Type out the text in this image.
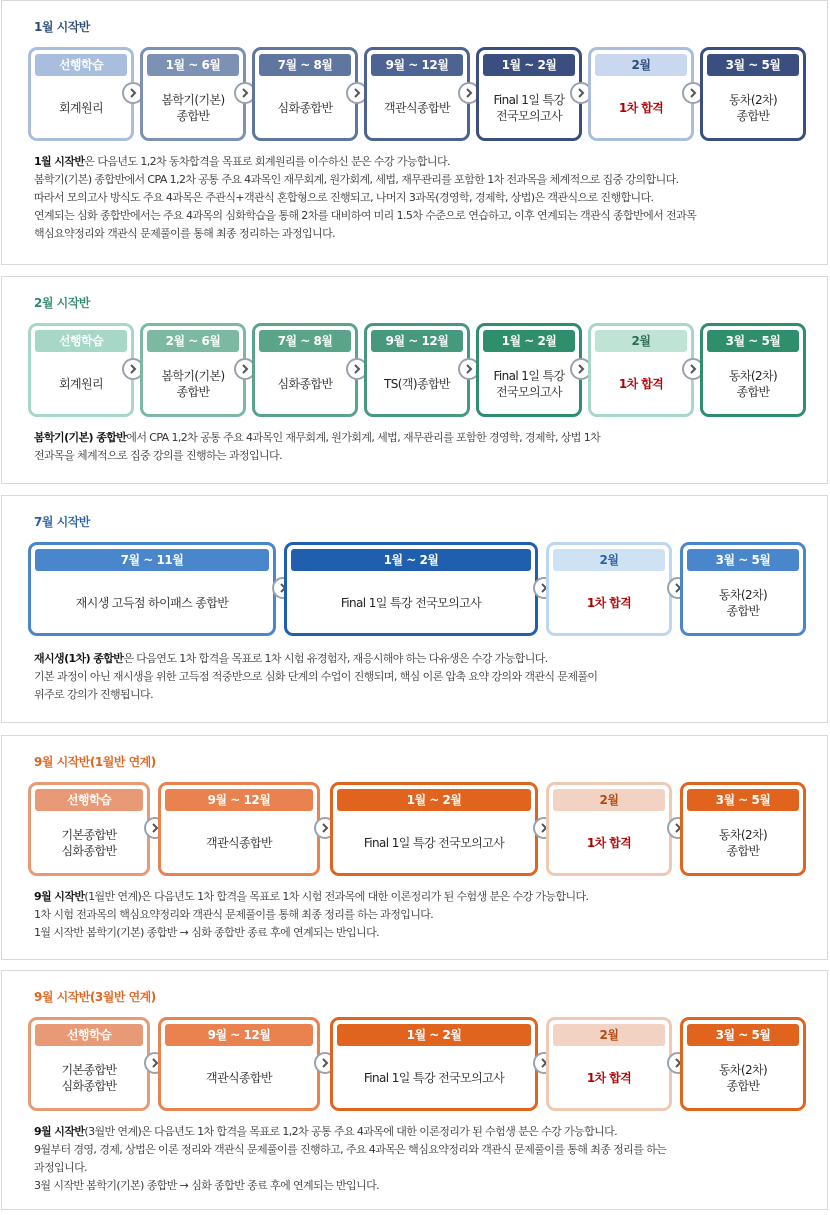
1월 시작반
선행학습
회계원리
1월 ~ 6월
봄학기(기본)
종합반
7월 ~ 8월
심화종합반
9월 ~ 12월
객관식종합반
1월 ~ 2월
Final 1일 특강
전국모의고사
2월
1차 합격
3월 ~ 5월
동차(2차)
종합반

1월 시작반은 다음년도 1,2차 동차합격을 목표로 회계원리를 이수하신 분은 수강 가능합니다.

봄학기(기본) 종합반에서 CPA 1,2차 공통 주요 4과목인 재무회계, 원가회계, 세법, 재무관리를 포함한 1차 전과목을 체계적으로 집중 강의합니다.

따라서 모의고사 방식도 주요 4과목은 주관식+객관식 혼합형으로 진행되고, 나머지 3과목(경영학, 경제학, 상법)은 객관식으로 진행합니다.

연계되는 심화 종합반에서는 주요 4과목의 심화학습을 통해 2차를 대비하여 미리 1.5차 수준으로 연습하고, 이후 연계되는 객관식 종합반에서 전과목

핵심요약정리와 객관식 문제풀이를 통해 최종 정리하는 과정입니다.

2월 시작반
선행학습
회계원리
2월 ~ 6월
봄학기(기본)
종합반
7월 ~ 8월
심화종합반
9월 ~ 12월
TS(객)종합반
1월 ~ 2월
Final 1일 특강
전국모의고사
2월
1차 합격
3월 ~ 5월
동차(2차)
종합반

봄학기(기본) 종합반에서 CPA 1,2차 공통 주요 4과목인 재무회계, 원가회계, 세법, 재무관리를 포함한 경영학, 경제학, 상법 1차

전과목을 체계적으로 집중 강의를 진행하는 과정입니다.

7월 시작반
7월 ~ 11월
재시생 고득점 하이패스 종합반
1월 ~ 2월
Final 1일 특강 전국모의고사
2월
1차 합격
3월 ~ 5월
동차(2차)
종합반

재시생(1차) 종합반은 다음연도 1차 합격을 목표로 1차 시험 유경험자, 재응시해야 하는 다유생은 수강 가능합니다.

기본 과정이 아닌 재시생을 위한 고득점 적중반으로 심화 단계의 수업이 진행되며, 핵심 이론 압축 요약 강의와 객관식 문제풀이

위주로 강의가 진행됩니다.

9월 시작반(1월반 연계)
선행학습
기본종합반
심화종합반
9월 ~ 12월
객관식종합반
1월 ~ 2월
Final 1일 특강 전국모의고사
2월
1차 합격
3월 ~ 5월
동차(2차)
종합반

9월 시작반(1월반 연계)은 다음년도 1차 합격을 목표로 1차 시험 전과목에 대한 이론정리가 된 수험생 분은 수강 가능합니다.

1차 시험 전과목의 핵심요약정리와 객관식 문제풀이를 통해 최종 정리를 하는 과정입니다.

1월 시작반 봄학기(기본) 종합반 → 심화 종합반 종료 후에 연계되는 반입니다.

9월 시작반(3월반 연계)
선행학습
기본종합반
심화종합반
9월 ~ 12월
객관식종합반
1월 ~ 2월
Final 1일 특강 전국모의고사
2월
1차 합격
3월 ~ 5월
동차(2차)
종합반

9월 시작반(3월반 연계)은 다음년도 1차 합격을 목표로 1,2차 공통 주요 4과목에 대한 이론정리가 된 수험생 분은 수강 가능합니다.

9월부터 경영, 경제, 상법은 이론 정리와 객관식 문제풀이를 진행하고, 주요 4과목은 핵심요약정리와 객관식 문제풀이를 통해 최종 정리를 하는

과정입니다.

3월 시작반 봄학기(기본) 종합반 → 심화 종합반 종료 후에 연계되는 반입니다.
